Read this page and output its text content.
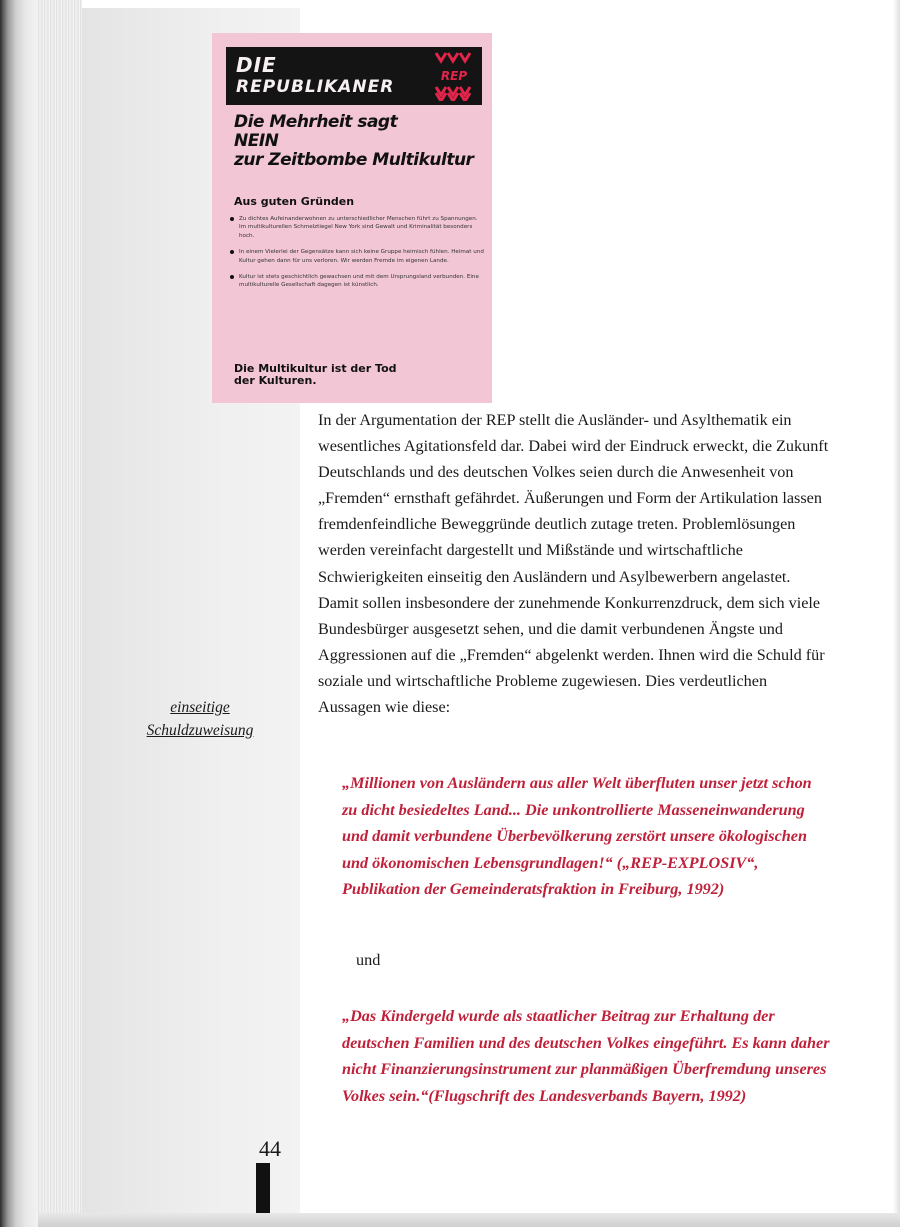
DIE
REPUBLIKANER
REP
Die Mehrheit sagt
NEIN
zur Zeitbombe Multikultur
Aus guten Gründen
Zu dichtes Aufeinanderwohnen zu unterschiedlicher Menschen führt zu Spannungen. Im multikulturellen Schmelztiegel New York sind Gewalt und Kriminalität besonders hoch.
In einem Vielerlei der Gegensätze kann sich keine Gruppe heimisch fühlen. Heimat und Kultur gehen dann für uns verloren. Wir werden Fremde im eigenen Lande.
Kultur ist stets geschichtlich gewachsen und mit dem Ursprungsland verbunden. Eine multikulturelle Gesellschaft dagegen ist künstlich.
Die Multikultur ist der Tod
der Kulturen.

In der Argumentation der REP stellt die Ausländer- und Asylthematik ein wesentliches Agitationsfeld dar. Dabei wird der Eindruck erweckt, die Zukunft Deutschlands und des deutschen Volkes seien durch die Anwesenheit von „Fremden“ ernsthaft gefährdet. Äußerungen und Form der Artikulation lassen fremdenfeindliche Beweggründe deutlich zutage treten. Problemlösungen werden vereinfacht dargestellt und Mißstände und wirtschaftliche Schwierigkeiten einseitig den Ausländern und Asylbewerbern angelastet. Damit sollen insbesondere der zunehmende Konkurrenzdruck, dem sich viele Bundesbürger ausgesetzt sehen, und die damit verbundenen Ängste und Aggressionen auf die „Fremden“ abgelenkt werden. Ihnen wird die Schuld für soziale und wirtschaftliche Probleme zugewiesen. Dies verdeutlichen Aussagen wie diese:

„Millionen von Ausländern aus aller Welt überfluten unser jetzt schon zu dicht besiedeltes Land... Die unkontrollierte Masseneinwanderung und damit verbundene Überbevölkerung zerstört unsere ökologischen und ökonomischen Lebensgrundlagen!“ („REP-EXPLOSIV“, Publikation der Gemeinderatsfraktion in Freiburg, 1992)

und

„Das Kindergeld wurde als staatlicher Beitrag zur Erhaltung der deutschen Familien und des deutschen Volkes eingeführt. Es kann daher nicht Finanzierungsinstrument zur planmäßigen Überfremdung unseres Volkes sein.“(Flugschrift des Landesverbands Bayern, 1992)

einseitige
Schuldzuweisung
44
